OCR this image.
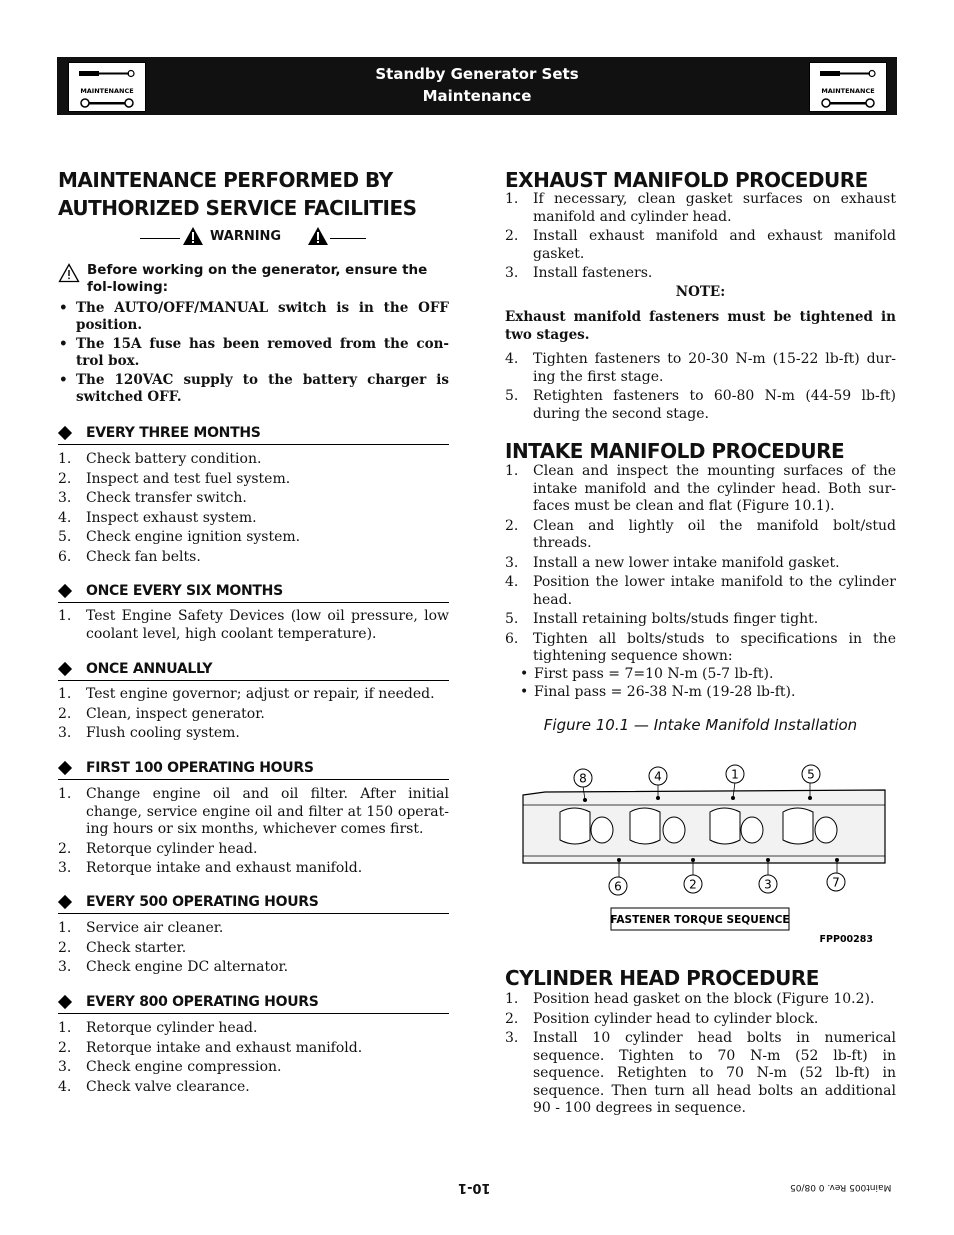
MAINTENANCE
Standby Generator Sets
Maintenance	MAINTENANCE

MAINTENANCE PERFORMED BY

AUTHORIZED SERVICE FACILITIES

WARNING
Before working on the generator, ensure the fol-lowing:
• The AUTO/OFF/MANUAL switch is in the OFF position.
• The 15A fuse has been removed from the con-trol box.
• The 120VAC supply to the battery charger is switched OFF.
EVERY THREE MONTHS
1. Check battery condition.
2. Inspect and test fuel system.
3. Check transfer switch.
4. Inspect exhaust system.
5. Check engine ignition system.
6. Check fan belts.
ONCE EVERY SIX MONTHS
1. Test Engine Safety Devices (low oil pressure, low coolant level, high coolant temperature).
ONCE ANNUALLY
1. Test engine governor; adjust or repair, if needed.
2. Clean, inspect generator.
3. Flush cooling system.
FIRST 100 OPERATING HOURS
1. Change engine oil and oil filter. After initial change, service engine oil and filter at 150 operat-ing hours or six months, whichever comes first.
2. Retorque cylinder head.
3. Retorque intake and exhaust manifold.
EVERY 500 OPERATING HOURS
1. Service air cleaner.
2. Check starter.
3. Check engine DC alternator.
EVERY 800 OPERATING HOURS
1. Retorque cylinder head.
2. Retorque intake and exhaust manifold.
3. Check engine compression.
4. Check valve clearance.

EXHAUST MANIFOLD PROCEDURE

1. If necessary, clean gasket surfaces on exhaust manifold and cylinder head.
2. Install exhaust manifold and exhaust manifold gasket.
3. Install fasteners.
NOTE:
Exhaust manifold fasteners must be tightened in two stages.
4. Tighten fasteners to 20-30 N-m (15-22 lb-ft) dur-ing the first stage.
5. Retighten fasteners to 60-80 N-m (44-59 lb-ft) during the second stage.

INTAKE MANIFOLD PROCEDURE

1. Clean and inspect the mounting surfaces of the intake manifold and the cylinder head. Both sur-faces must be clean and flat (Figure 10.1).
2. Clean and lightly oil the manifold bolt/stud threads.
3. Install a new lower intake manifold gasket.
4. Position the lower intake manifold to the cylinder head.
5. Install retaining bolts/studs finger tight.
6. Tighten all bolts/studs to specifications in the tightening sequence shown:
• First pass = 7=10 N-m (5-7 lb-ft).
• Final pass = 26-38 N-m (19-28 lb-ft).
Figure 10.1 — Intake Manifold Installation
8	4	1	5
6	2	3	7
FASTENER TORQUE SEQUENCE
FPP00283

CYLINDER HEAD PROCEDURE

1. Position head gasket on the block (Figure 10.2).
2. Position cylinder head to cylinder block.
3. Install 10 cylinder head bolts in numerical sequence. Tighten to 70 N-m (52 lb-ft) in sequence. Retighten to 70 N-m (52 lb-ft) in sequence. Then turn all head bolts an additional 90 - 100 degrees in sequence.
10-1	Maint005 Rev. 0 08/05
